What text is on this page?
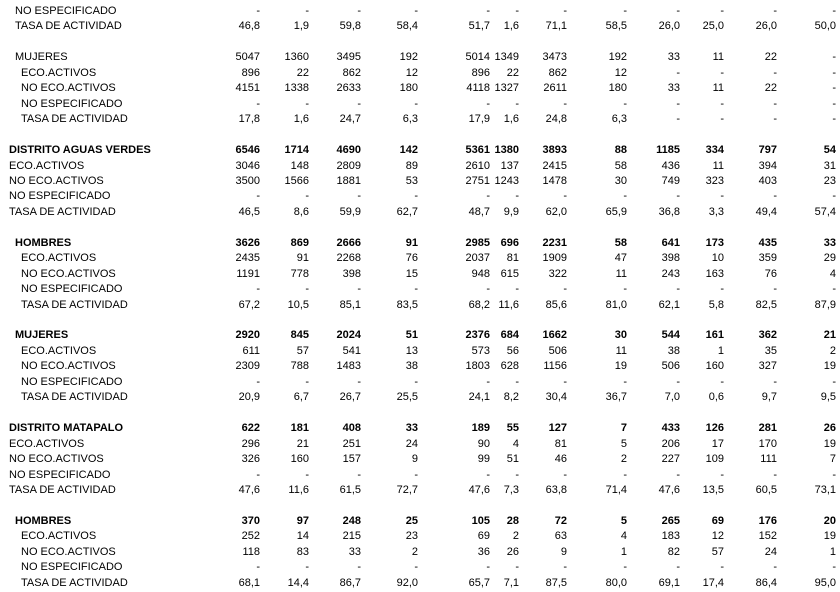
NO ESPECIFICADO	-	-	-	-	- -	-	-	-	-	-	-
TASA DE ACTIVIDAD	46,8	1,9	59,8	58,4	51,7 1,6 71,1	58,5	26,0 25,0	26,0	50,0
MUJERES	5047 1360	3495	192	5014 1349 3473	192	33	11	22	-
ECO.ACTIVOS	896	22	862	12	896 22	862	12	-	-	-	-
NO ECO.ACTIVOS	4151 1338	2633	180	4118 1327 2611	180	33	11	22	-
NO ESPECIFICADO	-	-	-	-	- -	-	-	-	-	-	-
TASA DE ACTIVIDAD	17,8	1,6	24,7	6,3	17,9 1,6 24,8	6,3	-	-	-	-
DISTRITO AGUAS VERDES	6546 1714	4690	142	5361 1380 3893	88	1185 334	797	54
ECO.ACTIVOS	3046	148	2809	89	2610 137 2415	58	436	11	394	31
NO ECO.ACTIVOS	3500 1566	1881	53	2751 1243 1478	30	749 323	403	23
NO ESPECIFICADO	-	-	-	-	- -	-	-	-	-	-	-
TASA DE ACTIVIDAD	46,5	8,6	59,9	62,7	48,7 9,9 62,0	65,9	36,8	3,3	49,4	57,4
HOMBRES	3626	869	2666	91	2985 696 2231	58	641 173	435	33
ECO.ACTIVOS	2435	91	2268	76	2037 81 1909	47	398	10	359	29
NO ECO.ACTIVOS	1191	778	398	15	948 615	322	11	243 163	76	4
NO ESPECIFICADO	-	-	-	-	- -	-	-	-	-	-	-
TASA DE ACTIVIDAD	67,2	10,5	85,1	83,5	68,2 11,6 85,6	81,0	62,1	5,8	82,5	87,9
MUJERES	2920	845	2024	51	2376 684 1662	30	544 161	362	21
ECO.ACTIVOS	611	57	541	13	573 56	506	11	38	1	35	2
NO ECO.ACTIVOS	2309	788	1483	38	1803 628 1156	19	506 160	327	19
NO ESPECIFICADO	-	-	-	-	- -	-	-	-	-	-	-
TASA DE ACTIVIDAD	20,9	6,7	26,7	25,5	24,1 8,2 30,4	36,7	7,0	0,6	9,7	9,5
DISTRITO MATAPALO	622	181	408	33	189 55	127	7	433 126	281	26
ECO.ACTIVOS	296	21	251	24	90 4	81	5	206	17	170	19
NO ECO.ACTIVOS	326	160	157	9	99 51	46	2	227 109	111	7
NO ESPECIFICADO	-	-	-	-	- -	-	-	-	-	-	-
TASA DE ACTIVIDAD	47,6	11,6	61,5	72,7	47,6 7,3 63,8	71,4	47,6 13,5	60,5	73,1
HOMBRES	370	97	248	25	105 28	72	5	265	69	176	20
ECO.ACTIVOS	252	14	215	23	69 2	63	4	183	12	152	19
NO ECO.ACTIVOS	118	83	33	2	36 26	9	1	82	57	24	1
NO ESPECIFICADO	-	-	-	-	- -	-	-	-	-	-	-
TASA DE ACTIVIDAD	68,1	14,4	86,7	92,0	65,7 7,1 87,5	80,0	69,1 17,4	86,4	95,0
